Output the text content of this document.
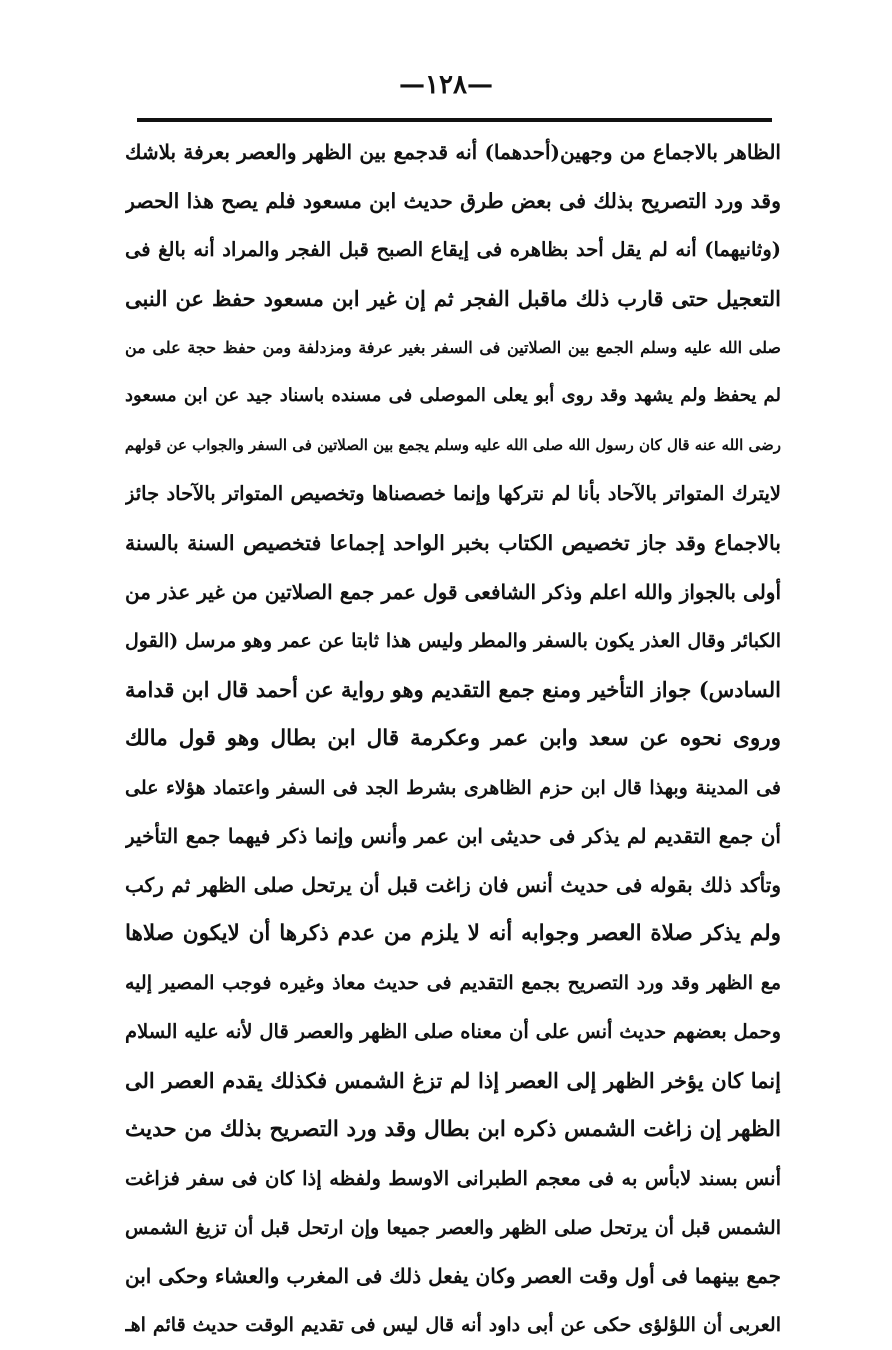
—١٢٨—
الظاهر بالاجماع من وجهين(أحدهما) أنه قدجمع بين الظهر والعصر بعرفة بلاشك
وقد ورد التصريح بذلك فى بعض طرق حديث ابن مسعود فلم يصح هذا الحصر
(وثانيهما) أنه لم يقل أحد بظاهره فى إيقاع الصبح قبل الفجر والمراد أنه بالغ فى
التعجيل حتى قارب ذلك ماقبل الفجر ثم إن غير ابن مسعود حفظ عن النبى
صلى الله عليه وسلم الجمع بين الصلاتين فى السفر بغير عرفة ومزدلفة ومن حفظ حجة على من
لم يحفظ ولم يشهد وقد روى أبو يعلى الموصلى فى مسنده باسناد جيد عن ابن مسعود
رضى الله عنه قال كان رسول الله صلى الله عليه وسلم يجمع بين الصلاتين فى السفر والجواب عن قولهم
لايترك المتواتر بالآحاد بأنا لم نتركها وإنما خصصناها وتخصيص المتواتر بالآحاد جائز
بالاجماع وقد جاز تخصيص الكتاب بخبر الواحد إجماعا فتخصيص السنة بالسنة
أولى بالجواز والله اعلم وذكر الشافعى قول عمر جمع الصلاتين من غير عذر من
الكبائر وقال العذر يكون بالسفر والمطر وليس هذا ثابتا عن عمر وهو مرسل (القول
السادس) جواز التأخير ومنع جمع التقديم وهو رواية عن أحمد قال ابن قدامة
وروى نحوه عن سعد وابن عمر وعكرمة قال ابن بطال وهو قول مالك
فى المدينة وبهذا قال ابن حزم الظاهرى بشرط الجد فى السفر واعتماد هؤلاء على
أن جمع التقديم لم يذكر فى حديثى ابن عمر وأنس وإنما ذكر فيهما جمع التأخير
وتأكد ذلك بقوله فى حديث أنس فان زاغت قبل أن يرتحل صلى الظهر ثم ركب
ولم يذكر صلاة العصر وجوابه أنه لا يلزم من عدم ذكرها أن لايكون صلاها
مع الظهر وقد ورد التصريح بجمع التقديم فى حديث معاذ وغيره فوجب المصير إليه
وحمل بعضهم حديث أنس على أن معناه صلى الظهر والعصر قال لأنه عليه السلام
إنما كان يؤخر الظهر إلى العصر إذا لم تزغ الشمس فكذلك يقدم العصر الى
الظهر إن زاغت الشمس ذكره ابن بطال وقد ورد التصريح بذلك من حديث
أنس بسند لابأس به فى معجم الطبرانى الاوسط ولفظه إذا كان فى سفر فزاغت
الشمس قبل أن يرتحل صلى الظهر والعصر جميعا وإن ارتحل قبل أن تزيغ الشمس
جمع بينهما فى أول وقت العصر وكان يفعل ذلك فى المغرب والعشاء وحكى ابن
العربى أن اللؤلؤى حكى عن أبى داود أنه قال ليس فى تقديم الوقت حديث قائم اهـ
